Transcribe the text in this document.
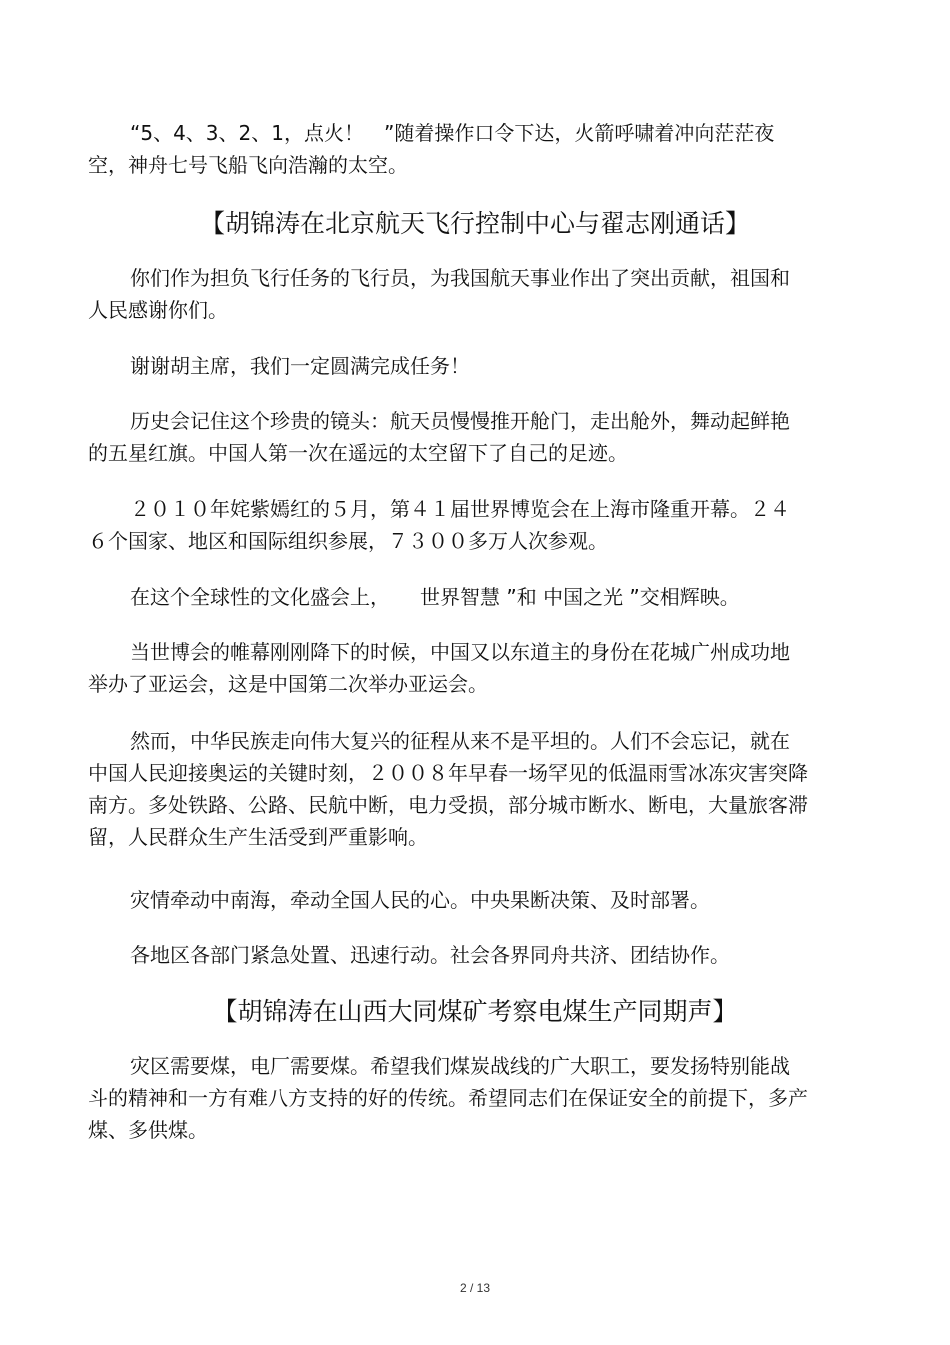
“5、4、3、2、1，点火！　”随着操作口令下达，火箭呼啸着冲向茫茫夜空，神舟七号飞船飞向浩瀚的太空。

【胡锦涛在北京航天飞行控制中心与翟志刚通话】

你们作为担负飞行任务的飞行员，为我国航天事业作出了突出贡献，祖国和人民感谢你们。

谢谢胡主席，我们一定圆满完成任务！

历史会记住这个珍贵的镜头：航天员慢慢推开舱门，走出舱外，舞动起鲜艳的五星红旗。中国人第一次在遥远的太空留下了自己的足迹。

２０１０年姹紫嫣红的５月，第４１届世界博览会在上海市隆重开幕。２４６个国家、地区和国际组织参展，７３００多万人次参观。

在这个全球性的文化盛会上，　　世界智慧 ”和 中国之光 ”交相辉映。

当世博会的帷幕刚刚降下的时候，中国又以东道主的身份在花城广州成功地举办了亚运会，这是中国第二次举办亚运会。

然而，中华民族走向伟大复兴的征程从来不是平坦的。人们不会忘记，就在中国人民迎接奥运的关键时刻，２００８年早春一场罕见的低温雨雪冰冻灾害突降南方。多处铁路、公路、民航中断，电力受损，部分城市断水、断电，大量旅客滞留，人民群众生产生活受到严重影响。

灾情牵动中南海，牵动全国人民的心。中央果断决策、及时部署。

各地区各部门紧急处置、迅速行动。社会各界同舟共济、团结协作。

【胡锦涛在山西大同煤矿考察电煤生产同期声】

灾区需要煤，电厂需要煤。希望我们煤炭战线的广大职工，要发扬特别能战斗的精神和一方有难八方支持的好的传统。希望同志们在保证安全的前提下，多产煤、多供煤。

2 / 13
